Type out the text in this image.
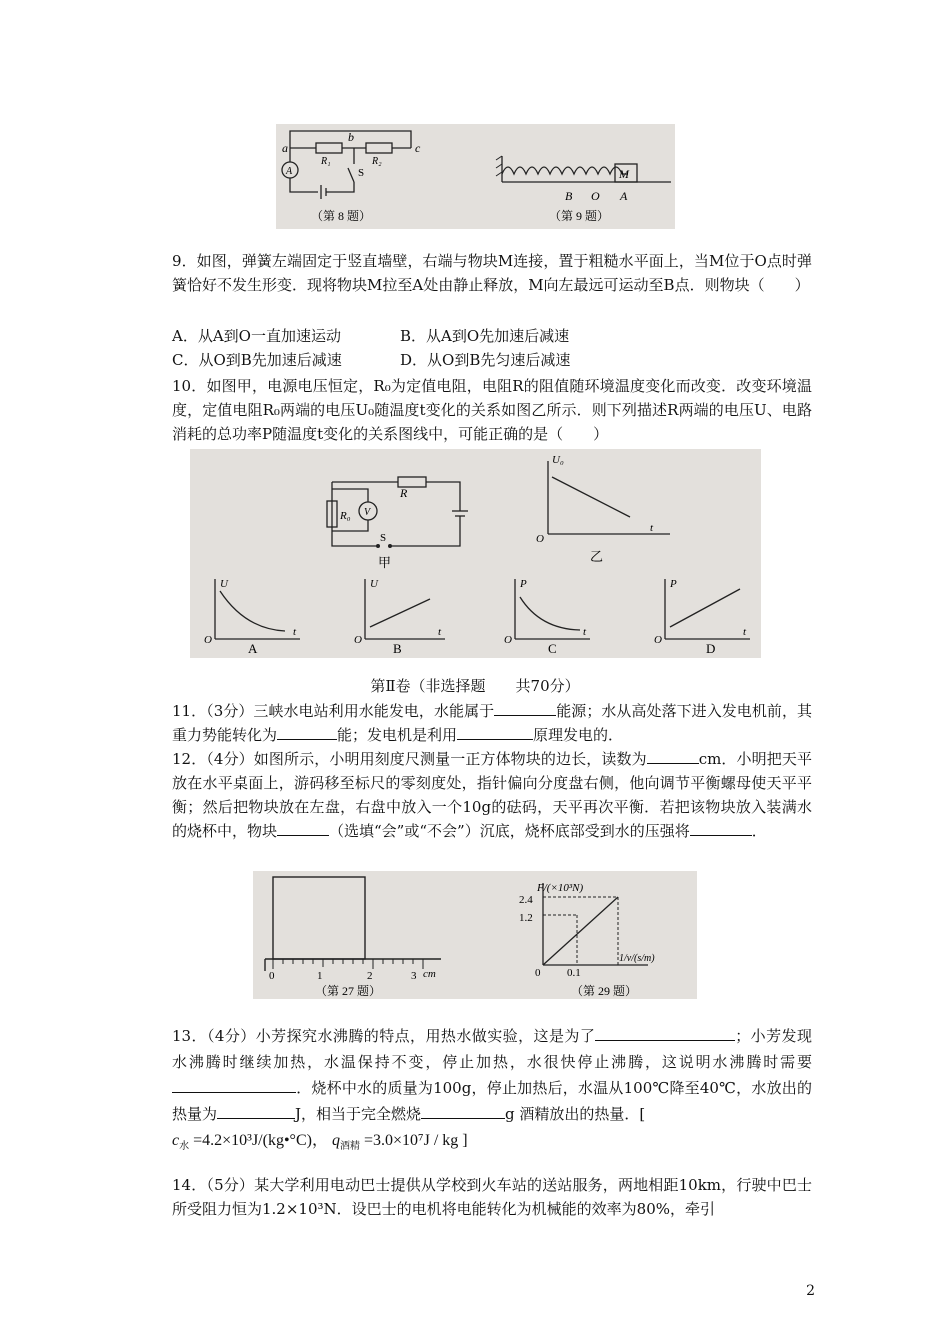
a
b
c
R₁	R₂
A	S	M
B O A
（第 8 题）	（第 9 题）
9．如图，弹簧左端固定于竖直墙壁，右端与物块M连接，置于粗糙水平面上，当M位于O点时弹簧恰好不发生形变．现将物块M拉至A处由静止释放，M向左最远可运动至B点．则物块（　　）
A．从A到O一直加速运动	B．从A到O先加速后减速
C．从O到B先加速后减速	D．从O到B先匀速后减速
10．如图甲，电源电压恒定，R₀为定值电阻，电阻R的阻值随环境温度变化而改变．改变环境温度，定值电阻R₀两端的电压U₀随温度t变化的关系如图乙所示．则下列描述R两端的电压U、电路消耗的总功率P随温度t变化的关系图线中，可能正确的是（　　）
R
R₀ V
S
甲
U₀
O
t
乙
U
O
t
A
U
O
t
B
P
O
t
C
P
O
t
D
第Ⅱ卷（非选择题　　共70分）
11．（3分）三峡水电站利用水能发电，水能属于	能源；水从高处落下进入发电机前，其重力势能转化为	能；发电机是利用	原理发电的．
12．（4分）如图所示，小明用刻度尺测量一正方体物块的边长，读数为	cm．小明把天平放在水平桌面上，游码移至标尺的零刻度处，指针偏向分度盘右侧，他向调节平衡螺母使天平平衡；然后把物块放在左盘，右盘中放入一个10g的砝码，天平再次平衡．若把该物块放入装满水的烧杯中，物块	（选填“会”或“不会”）沉底，烧杯底部受到水的压强将	．
0	1	2	3 cm
（第 27 题）
F/(×10³N)
2.4
1.2
0 0.1
1/v/(s/m)
（第 29 题）
13．（4分）小芳探究水沸腾的特点，用热水做实验，这是为了	；小芳发现水沸腾时继续加热，水温保持不变，停止加热，水很快停止沸腾，这说明水沸腾时需要．烧杯中水的质量为100g，停止加热后，水温从100℃降至40℃，水放出的热量为	J，相当于完全燃烧	g 酒精放出的热量．[
$c_水$ =4.2×10³J/(kg•°C)， $q_{酒精} =3.0\times 10^7J$ / kg ]
14．（5分）某大学利用电动巴士提供从学校到火车站的送站服务，两地相距10km，行驶中巴士所受阻力恒为1.2×10³N．设巴士的电机将电能转化为机械能的效率为80%，牵引
2
